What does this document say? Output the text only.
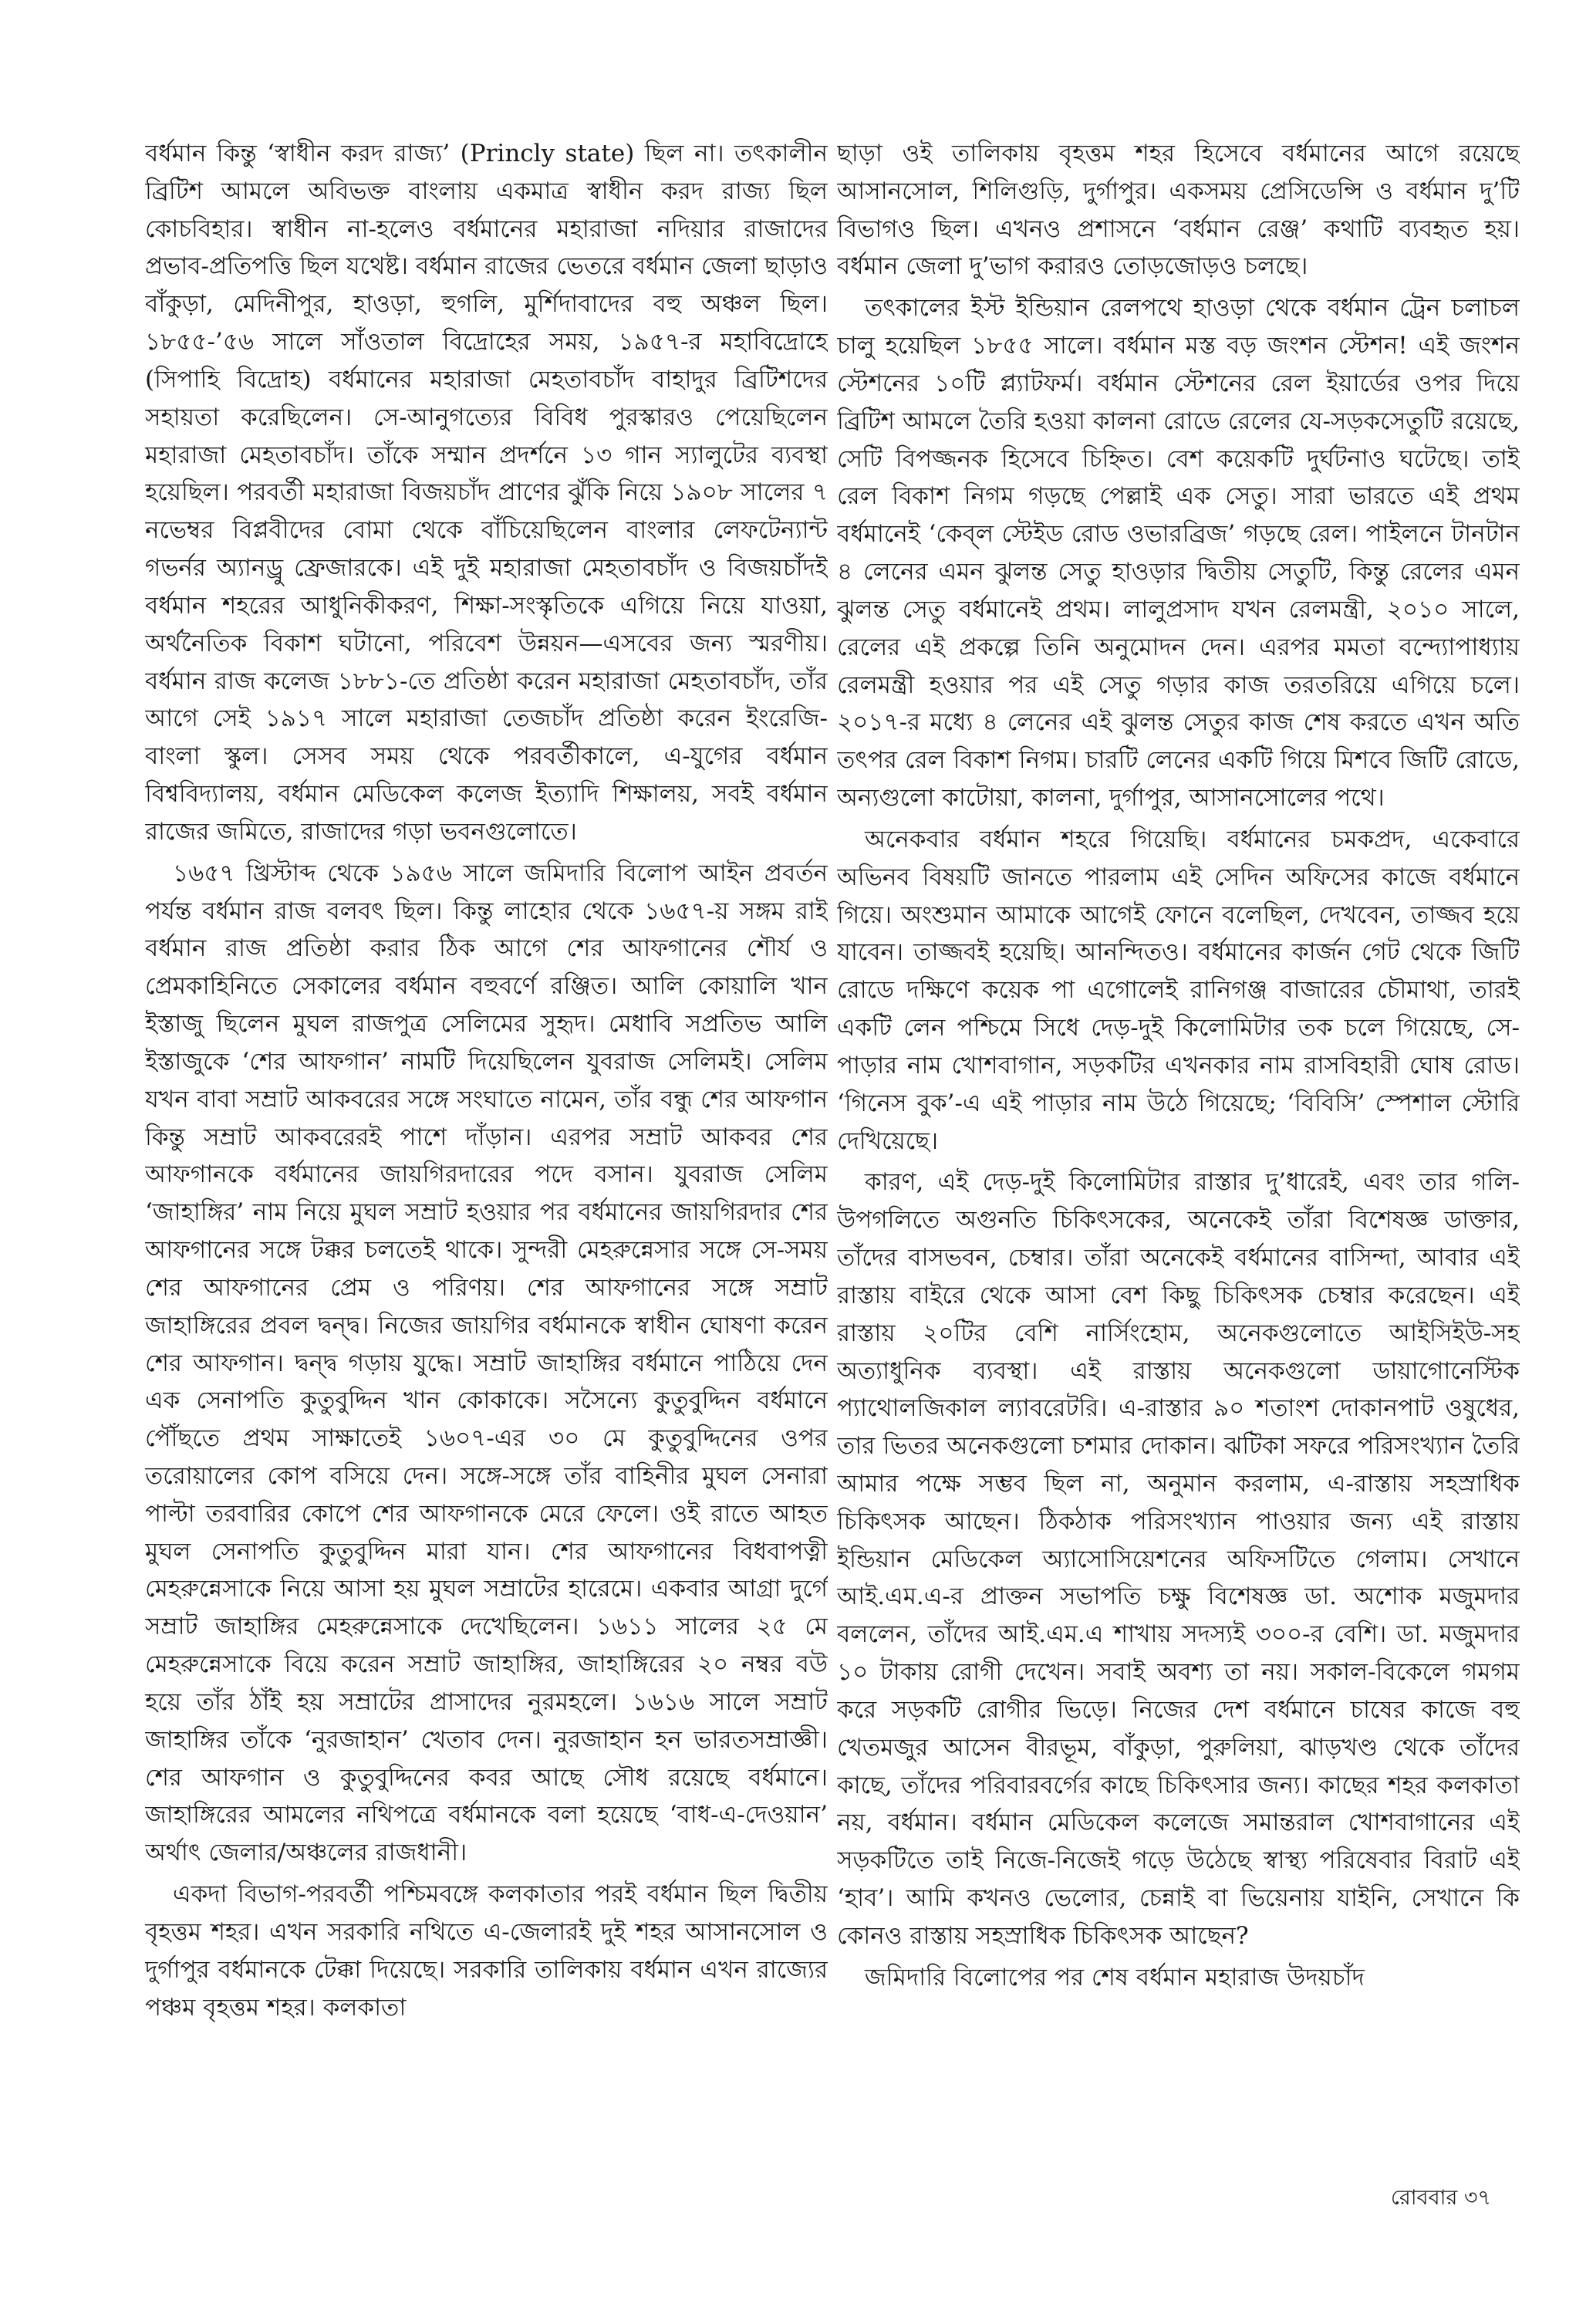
বর্ধমান কিন্তু ‘স্বাধীন করদ রাজ্য’ (Princly state) ছিল না। তৎকালীন ব্রিটিশ আমলে অবিভক্ত বাংলায় একমাত্র স্বাধীন করদ রাজ্য ছিল কোচবিহার। স্বাধীন না-হলেও বর্ধমানের মহারাজা নদিয়ার রাজাদের প্রভাব-প্রতিপত্তি ছিল যথেষ্ট। বর্ধমান রাজের ভেতরে বর্ধমান জেলা ছাড়াও বাঁকুড়া, মেদিনীপুর, হাওড়া, হুগলি, মুর্শিদাবাদের বহু অঞ্চল ছিল। ১৮৫৫-’৫৬ সালে সাঁওতাল বিদ্রোহের সময়, ১৯৫৭-র মহাবিদ্রোহে (সিপাহি বিদ্রোহ) বর্ধমানের মহারাজা মেহতাবচাঁদ বাহাদুর ব্রিটিশদের সহায়তা করেছিলেন। সে-আনুগত্যের বিবিধ পুরস্কারও পেয়েছিলেন মহারাজা মেহতাবচাঁদ। তাঁকে সম্মান প্রদর্শনে ১৩ গান স্যালুটের ব্যবস্থা হয়েছিল। পরবর্তী মহারাজা বিজয়চাঁদ প্রাণের ঝুঁকি নিয়ে ১৯০৮ সালের ৭ নভেম্বর বিপ্লবীদের বোমা থেকে বাঁচিয়েছিলেন বাংলার লেফটেন্যান্ট গভর্নর অ্যানড্রু ফ্রেজারকে। এই দুই মহারাজা মেহতাবচাঁদ ও বিজয়চাঁদই বর্ধমান শহরের আধুনিকীকরণ, শিক্ষা-সংস্কৃতিকে এগিয়ে নিয়ে যাওয়া, অর্থনৈতিক বিকাশ ঘটানো, পরিবেশ উন্নয়ন—এসবের জন্য স্মরণীয়। বর্ধমান রাজ কলেজ ১৮৮১-তে প্রতিষ্ঠা করেন মহারাজা মেহতাবচাঁদ, তাঁর আগে সেই ১৯১৭ সালে মহারাজা তেজচাঁদ প্রতিষ্ঠা করেন ইংরেজি-বাংলা স্কুল। সেসব সময় থেকে পরবর্তীকালে, এ-যুগের বর্ধমান বিশ্ববিদ্যালয়, বর্ধমান মেডিকেল কলেজ ইত্যাদি শিক্ষালয়, সবই বর্ধমান রাজের জমিতে, রাজাদের গড়া ভবনগুলোতে।

১৬৫৭ খ্রিস্টাব্দ থেকে ১৯৫৬ সালে জমিদারি বিলোপ আইন প্রবর্তন পর্যন্ত বর্ধমান রাজ বলবৎ ছিল। কিন্তু লাহোর থেকে ১৬৫৭-য় সঙ্গম রাই বর্ধমান রাজ প্রতিষ্ঠা করার ঠিক আগে শের আফগানের শৌর্য ও প্রেমকাহিনিতে সেকালের বর্ধমান বহুবর্ণে রঞ্জিত। আলি কোয়ালি খান ইস্তাজু ছিলেন মুঘল রাজপুত্র সেলিমের সুহৃদ। মেধাবি সপ্রতিভ আলি ইস্তাজুকে ‘শের আফগান’ নামটি দিয়েছিলেন যুবরাজ সেলিমই। সেলিম যখন বাবা সম্রাট আকবরের সঙ্গে সংঘাতে নামেন, তাঁর বন্ধু শের আফগান কিন্তু সম্রাট আকবরেরই পাশে দাঁড়ান। এরপর সম্রাট আকবর শের আফগানকে বর্ধমানের জায়গিরদারের পদে বসান। যুবরাজ সেলিম ‘জাহাঙ্গির’ নাম নিয়ে মুঘল সম্রাট হওয়ার পর বর্ধমানের জায়গিরদার শের আফগানের সঙ্গে টক্কর চলতেই থাকে। সুন্দরী মেহরুন্নেসার সঙ্গে সে-সময় শের আফগানের প্রেম ও পরিণয়। শের আফগানের সঙ্গে সম্রাট জাহাঙ্গিরের প্রবল দ্বন্দ্ব। নিজের জায়গির বর্ধমানকে স্বাধীন ঘোষণা করেন শের আফগান। দ্বন্দ্ব গড়ায় যুদ্ধে। সম্রাট জাহাঙ্গির বর্ধমানে পাঠিয়ে দেন এক সেনাপতি কুতুবুদ্দিন খান কোকাকে। সসৈন্যে কুতুবুদ্দিন বর্ধমানে পৌঁছতে প্রথম সাক্ষাতেই ১৬০৭-এর ৩০ মে কুতুবুদ্দিনের ওপর তরোয়ালের কোপ বসিয়ে দেন। সঙ্গে-সঙ্গে তাঁর বাহিনীর মুঘল সেনারা পাল্টা তরবারির কোপে শের আফগানকে মেরে ফেলে। ওই রাতে আহত মুঘল সেনাপতি কুতুবুদ্দিন মারা যান। শের আফগানের বিধবাপত্নী মেহরুন্নেসাকে নিয়ে আসা হয় মুঘল সম্রাটের হারেমে। একবার আগ্রা দুর্গে সম্রাট জাহাঙ্গির মেহরুন্নেসাকে দেখেছিলেন। ১৬১১ সালের ২৫ মে মেহরুন্নেসাকে বিয়ে করেন সম্রাট জাহাঙ্গির, জাহাঙ্গিরের ২০ নম্বর বউ হয়ে তাঁর ঠাঁই হয় সম্রাটের প্রাসাদের নুরমহলে। ১৬১৬ সালে সম্রাট জাহাঙ্গির তাঁকে ‘নুরজাহান’ খেতাব দেন। নুরজাহান হন ভারতসম্রাজ্ঞী। শের আফগান ও কুতুবুদ্দিনের কবর আছে সৌধ রয়েছে বর্ধমানে। জাহাঙ্গিরের আমলের নথিপত্রে বর্ধমানকে বলা হয়েছে ‘বাধ-এ-দেওয়ান’ অর্থাৎ জেলার/অঞ্চলের রাজধানী।

একদা বিভাগ-পরবর্তী পশ্চিমবঙ্গে কলকাতার পরই বর্ধমান ছিল দ্বিতীয় বৃহত্তম শহর। এখন সরকারি নথিতে এ-জেলারই দুই শহর আসানসোল ও দুর্গাপুর বর্ধমানকে টেক্কা দিয়েছে। সরকারি তালিকায় বর্ধমান এখন রাজ্যের পঞ্চম বৃহত্তম শহর। কলকাতা

ছাড়া ওই তালিকায় বৃহত্তম শহর হিসেবে বর্ধমানের আগে রয়েছে আসানসোল, শিলিগুড়ি, দুর্গাপুর। একসময় প্রেসিডেন্সি ও বর্ধমান দু’টি বিভাগও ছিল। এখনও প্রশাসনে ‘বর্ধমান রেঞ্জ’ কথাটি ব্যবহৃত হয়। বর্ধমান জেলা দু’ভাগ করারও তোড়জোড়ও চলছে।

তৎকালের ইস্ট ইন্ডিয়ান রেলপথে হাওড়া থেকে বর্ধমান ট্রেন চলাচল চালু হয়েছিল ১৮৫৫ সালে। বর্ধমান মস্ত বড় জংশন স্টেশন! এই জংশন স্টেশনের ১০টি প্ল্যাটফর্ম। বর্ধমান স্টেশনের রেল ইয়ার্ডের ওপর দিয়ে ব্রিটিশ আমলে তৈরি হওয়া কালনা রোডে রেলের যে-সড়কসেতুটি রয়েছে, সেটি বিপজ্জনক হিসেবে চিহ্নিত। বেশ কয়েকটি দুর্ঘটনাও ঘটেছে। তাই রেল বিকাশ নিগম গড়ছে পেল্লাই এক সেতু। সারা ভারতে এই প্রথম বর্ধমানেই ‘কেব্‌ল স্টেইড রোড ওভারব্রিজ’ গড়ছে রেল। পাইলনে টানটান ৪ লেনের এমন ঝুলন্ত সেতু হাওড়ার দ্বিতীয় সেতুটি, কিন্তু রেলের এমন ঝুলন্ত সেতু বর্ধমানেই প্রথম। লালুপ্রসাদ যখন রেলমন্ত্রী, ২০১০ সালে, রেলের এই প্রকল্পে তিনি অনুমোদন দেন। এরপর মমতা বন্দ্যোপাধ্যায় রেলমন্ত্রী হওয়ার পর এই সেতু গড়ার কাজ তরতরিয়ে এগিয়ে চলে। ২০১৭-র মধ্যে ৪ লেনের এই ঝুলন্ত সেতুর কাজ শেষ করতে এখন অতি তৎপর রেল বিকাশ নিগম। চারটি লেনের একটি গিয়ে মিশবে জিটি রোডে, অন্যগুলো কাটোয়া, কালনা, দুর্গাপুর, আসানসোলের পথে।

অনেকবার বর্ধমান শহরে গিয়েছি। বর্ধমানের চমকপ্রদ, একেবারে অভিনব বিষয়টি জানতে পারলাম এই সেদিন অফিসের কাজে বর্ধমানে গিয়ে। অংশুমান আমাকে আগেই ফোনে বলেছিল, দেখবেন, তাজ্জব হয়ে যাবেন। তাজ্জবই হয়েছি। আনন্দিতও। বর্ধমানের কার্জন গেট থেকে জিটি রোডে দক্ষিণে কয়েক পা এগোলেই রানিগঞ্জ বাজারের চৌমাথা, তারই একটি লেন পশ্চিমে সিধে দেড়-দুই কিলোমিটার তক চলে গিয়েছে, সে-পাড়ার নাম খোশবাগান, সড়কটির এখনকার নাম রাসবিহারী ঘোষ রোড। ‘গিনেস বুক’-এ এই পাড়ার নাম উঠে গিয়েছে; ‘বিবিসি’ স্পেশাল স্টোরি দেখিয়েছে।

কারণ, এই দেড়-দুই কিলোমিটার রাস্তার দু’ধারেই, এবং তার গলি-উপগলিতে অগুনতি চিকিৎসকের, অনেকেই তাঁরা বিশেষজ্ঞ ডাক্তার, তাঁদের বাসভবন, চেম্বার। তাঁরা অনেকেই বর্ধমানের বাসিন্দা, আবার এই রাস্তায় বাইরে থেকে আসা বেশ কিছু চিকিৎসক চেম্বার করেছেন। এই রাস্তায় ২০টির বেশি নার্সিংহোম, অনেকগুলোতে আইসিইউ-সহ অত্যাধুনিক ব্যবস্থা। এই রাস্তায় অনেকগুলো ডায়াগোনেস্টিক প্যাথোলজিকাল ল্যাবরেটরি। এ-রাস্তার ৯০ শতাংশ দোকানপাট ওষুধের, তার ভিতর অনেকগুলো চশমার দোকান। ঝটিকা সফরে পরিসংখ্যান তৈরি আমার পক্ষে সম্ভব ছিল না, অনুমান করলাম, এ-রাস্তায় সহস্রাধিক চিকিৎসক আছেন। ঠিকঠাক পরিসংখ্যান পাওয়ার জন্য এই রাস্তায় ইন্ডিয়ান মেডিকেল অ্যাসোসিয়েশনের অফিসটিতে গেলাম। সেখানে আই.এম.এ-র প্রাক্তন সভাপতি চক্ষু বিশেষজ্ঞ ডা. অশোক মজুমদার বললেন, তাঁদের আই.এম.এ শাখায় সদস্যই ৩০০-র বেশি। ডা. মজুমদার ১০ টাকায় রোগী দেখেন। সবাই অবশ্য তা নয়। সকাল-বিকেলে গমগম করে সড়কটি রোগীর ভিড়ে। নিজের দেশ বর্ধমানে চাষের কাজে বহু খেতমজুর আসেন বীরভূম, বাঁকুড়া, পুরুলিয়া, ঝাড়খণ্ড থেকে তাঁদের কাছে, তাঁদের পরিবারবর্গের কাছে চিকিৎসার জন্য। কাছের শহর কলকাতা নয়, বর্ধমান। বর্ধমান মেডিকেল কলেজে সমান্তরাল খোশবাগানের এই সড়কটিতে তাই নিজে-নিজেই গড়ে উঠেছে স্বাস্থ্য পরিষেবার বিরাট এই ‘হাব’। আমি কখনও ভেলোর, চেন্নাই বা ভিয়েনায় যাইনি, সেখানে কি কোনও রাস্তায় সহস্রাধিক চিকিৎসক আছেন?

জমিদারি বিলোপের পর শেষ বর্ধমান মহারাজ উদয়চাঁদ

রোববার ৩৭
